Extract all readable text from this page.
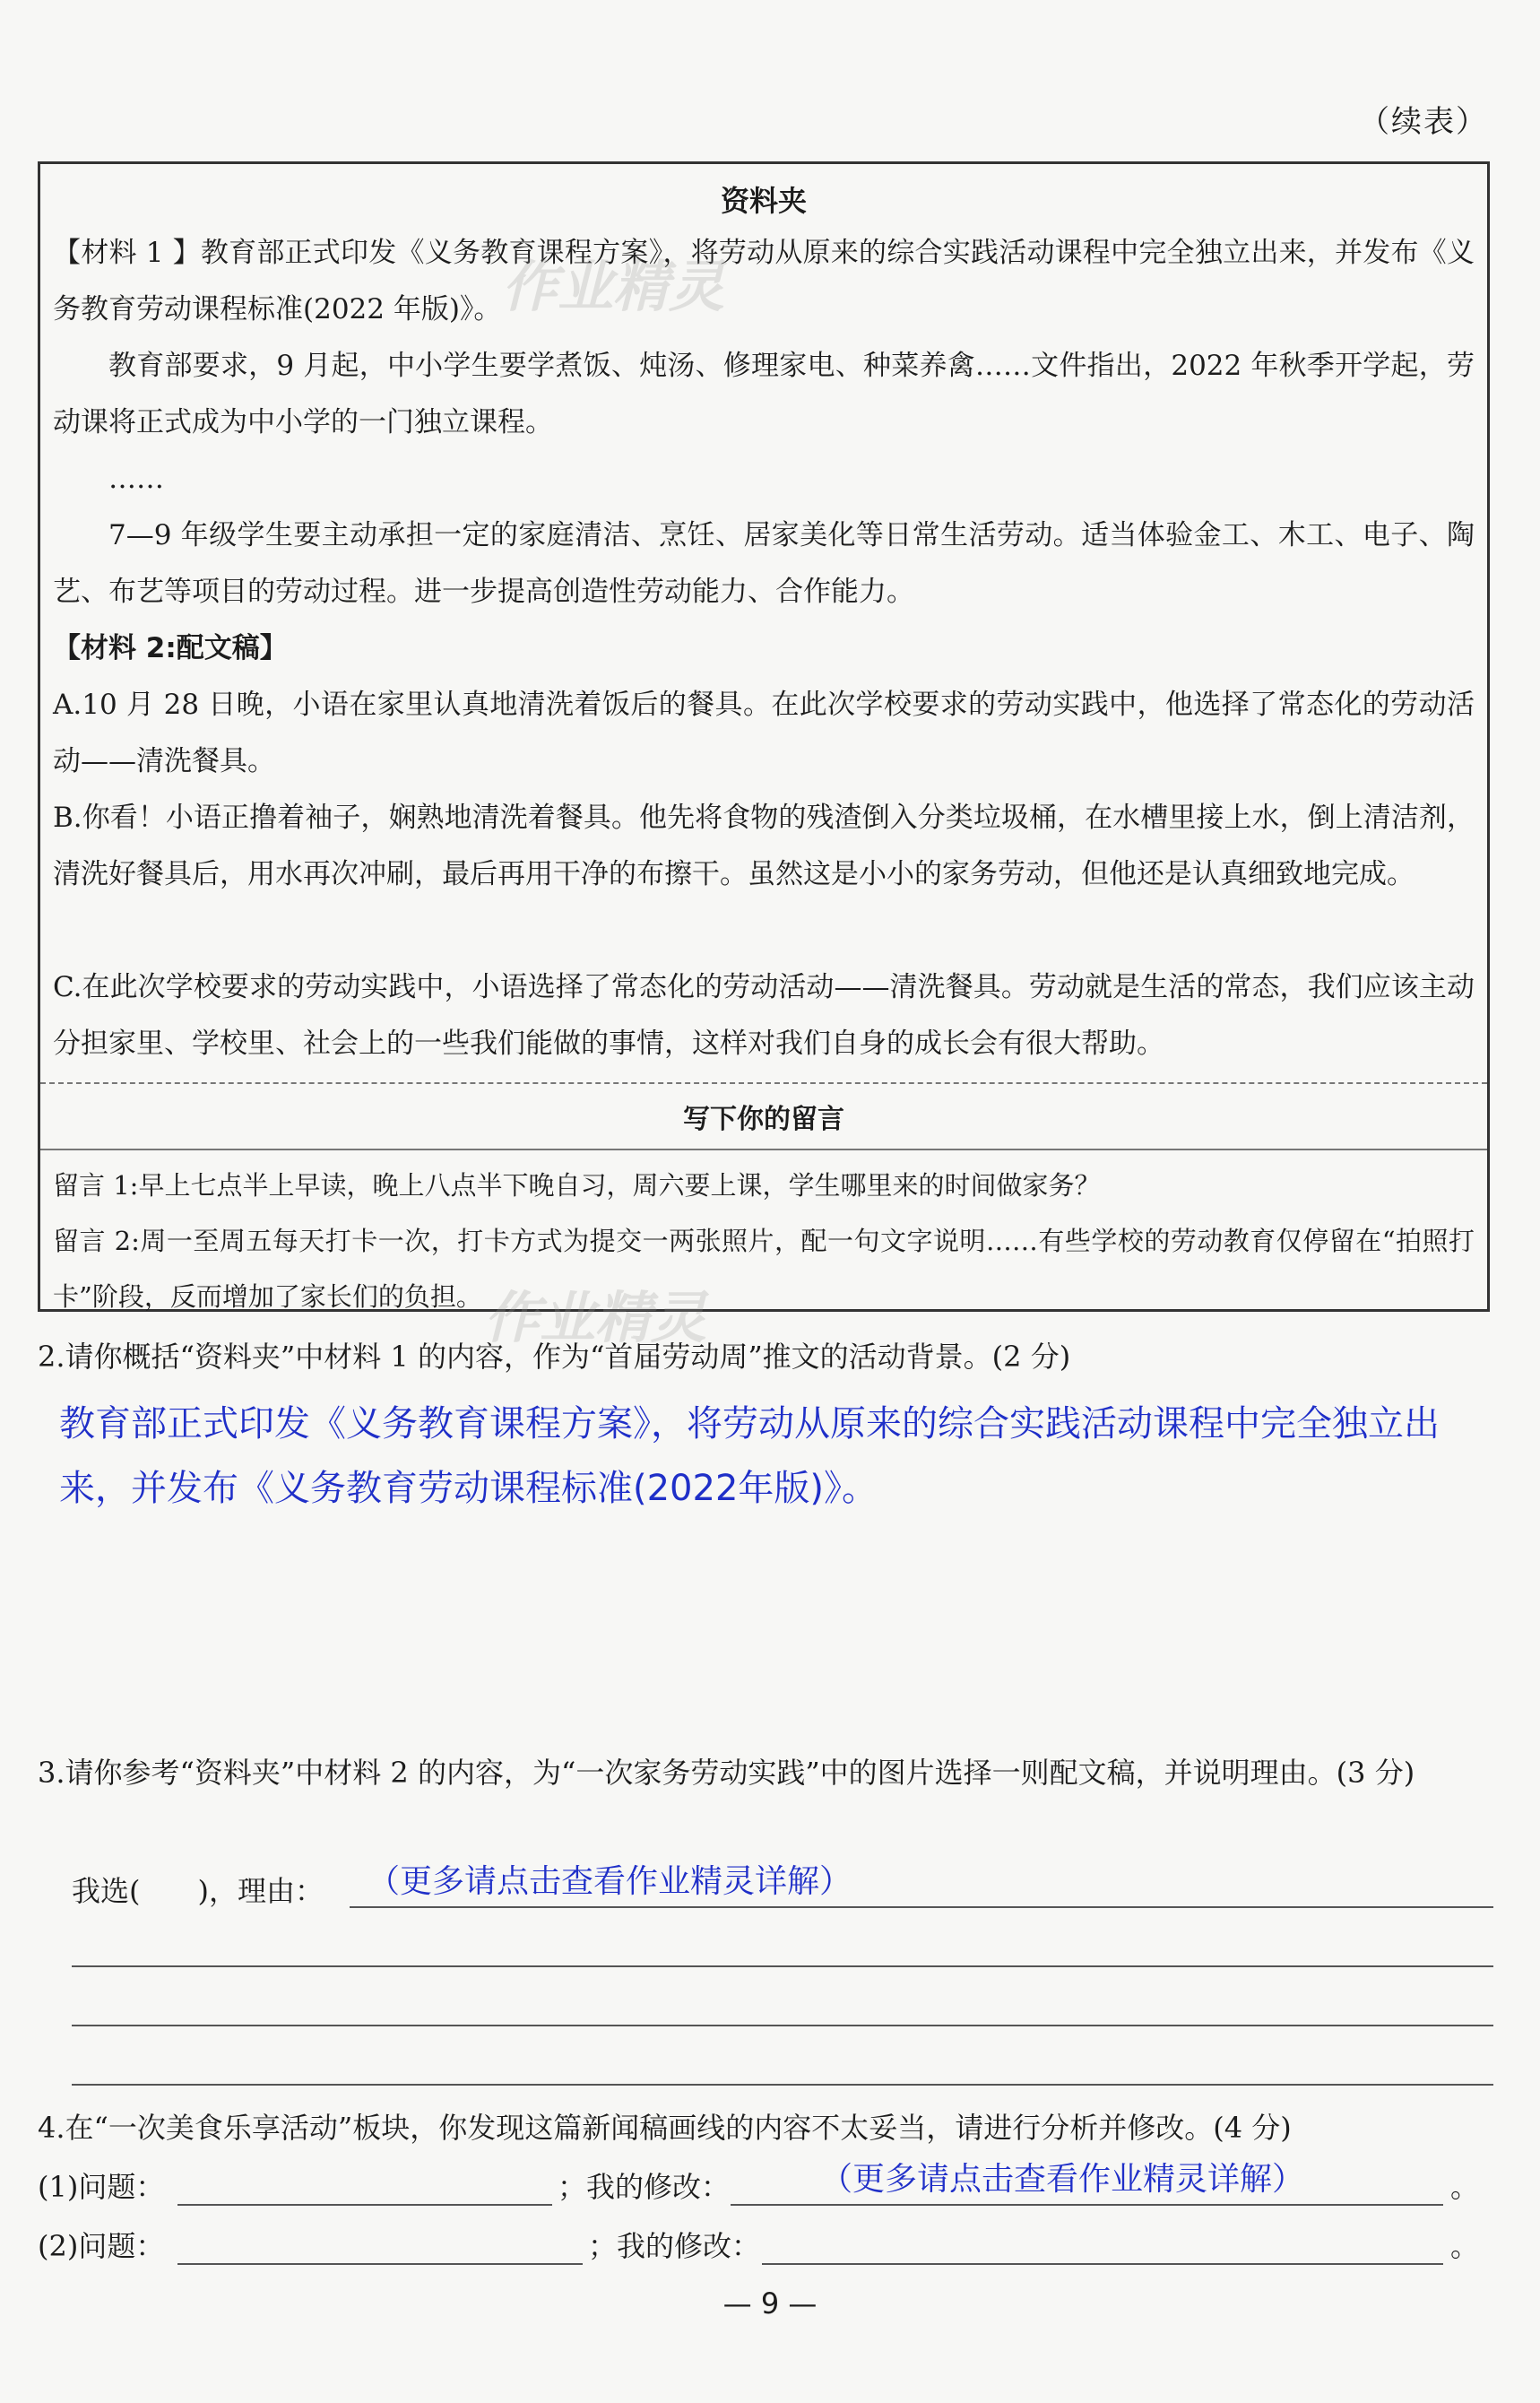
（续表）
资料夹
【材料 1 】教育部正式印发《义务教育课程方案》，将劳动从原来的综合实践活动课程中完全独立出来，并发布《义务教育劳动课程标准(2022 年版)》。
教育部要求，9 月起，中小学生要学煮饭、炖汤、修理家电、种菜养禽……文件指出，2022 年秋季开学起，劳动课将正式成为中小学的一门独立课程。
……
7—9 年级学生要主动承担一定的家庭清洁、烹饪、居家美化等日常生活劳动。适当体验金工、木工、电子、陶艺、布艺等项目的劳动过程。进一步提高创造性劳动能力、合作能力。
【材料 2:配文稿】
A.10 月 28 日晚，小语在家里认真地清洗着饭后的餐具。在此次学校要求的劳动实践中，他选择了常态化的劳动活动——清洗餐具。
B.你看！小语正撸着袖子，娴熟地清洗着餐具。他先将食物的残渣倒入分类垃圾桶，在水槽里接上水，倒上清洁剂，清洗好餐具后，用水再次冲刷，最后再用干净的布擦干。虽然这是小小的家务劳动，但他还是认真细致地完成。
C.在此次学校要求的劳动实践中，小语选择了常态化的劳动活动——清洗餐具。劳动就是生活的常态，我们应该主动分担家里、学校里、社会上的一些我们能做的事情，这样对我们自身的成长会有很大帮助。
写下你的留言
留言 1:早上七点半上早读，晚上八点半下晚自习，周六要上课，学生哪里来的时间做家务？
留言 2:周一至周五每天打卡一次，打卡方式为提交一两张照片，配一句文字说明……有些学校的劳动教育仅停留在“拍照打卡”阶段，反而增加了家长们的负担。
作业精灵
作业精灵
2.请你概括“资料夹”中材料 1 的内容，作为“首届劳动周”推文的活动背景。(2 分)
教育部正式印发《义务教育课程方案》，将劳动从原来的综合实践活动课程中完全独立出来，并发布《义务教育劳动课程标准(2022年版)》。
3.请你参考“资料夹”中材料 2 的内容，为“一次家务劳动实践”中的图片选择一则配文稿，并说明理由。(3 分)
我选(　　)，理由： （更多请点击查看作业精灵详解）
4.在“一次美食乐享活动”板块，你发现这篇新闻稿画线的内容不太妥当，请进行分析并修改。(4 分)
(1)问题：	；我的修改：	（更多请点击查看作业精灵详解）	。
(2)问题：	；我的修改：	。
— 9 —
